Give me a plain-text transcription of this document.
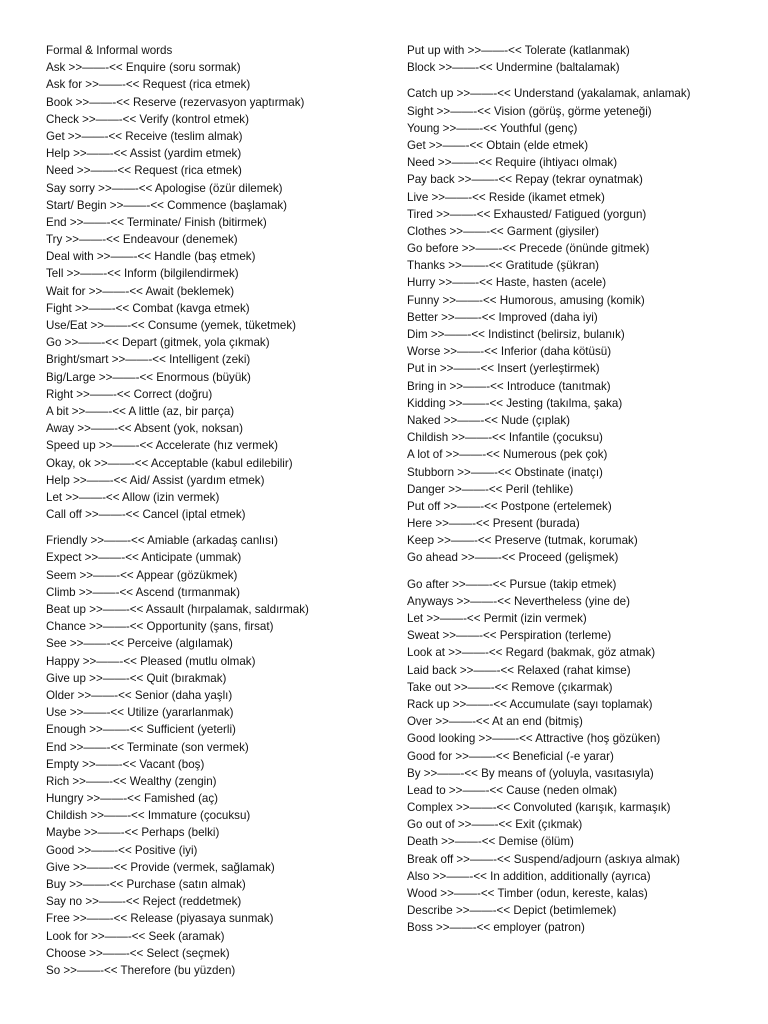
Formal & Informal words
Ask >>——-<< Enquire (soru sormak)
Ask for >>——-<< Request (rica etmek)
Book >>——-<< Reserve (rezervasyon yaptırmak)
Check >>——-<< Verify (kontrol etmek)
Get >>——-<< Receive (teslim almak)
Help >>——-<< Assist (yardim etmek)
Need >>——-<< Request (rica etmek)
Say sorry >>——-<< Apologise (özür dilemek)
Start/ Begin >>——-<< Commence (başlamak)
End >>——-<< Terminate/ Finish (bitirmek)
Try >>——-<< Endeavour (denemek)
Deal with >>——-<< Handle (baş etmek)
Tell >>——-<< Inform (bilgilendirmek)
Wait for >>——-<< Await (beklemek)
Fight >>——-<< Combat (kavga etmek)
Use/Eat >>——-<< Consume (yemek, tüketmek)
Go >>——-<< Depart (gitmek, yola çıkmak)
Bright/smart >>——-<< Intelligent (zeki)
Big/Large >>——-<< Enormous (büyük)
Right >>——-<< Correct (doğru)
A bit >>——-<< A little (az, bir parça)
Away >>——-<< Absent (yok, noksan)
Speed up >>——-<< Accelerate (hız vermek)
Okay, ok >>——-<< Acceptable (kabul edilebilir)
Help >>——-<< Aid/ Assist (yardım etmek)
Let >>——-<< Allow (izin vermek)
Call off >>——-<< Cancel (iptal etmek)
Friendly >>——-<< Amiable (arkadaş canlısı)
Expect >>——-<< Anticipate (ummak)
Seem >>——-<< Appear (gözükmek)
Climb >>——-<< Ascend (tırmanmak)
Beat up >>——-<< Assault (hırpalamak, saldırmak)
Chance >>——-<< Opportunity (şans, firsat)
See >>——-<< Perceive (algılamak)
Happy >>——-<< Pleased (mutlu olmak)
Give up >>——-<< Quit (bırakmak)
Older >>——-<< Senior (daha yaşlı)
Use >>——-<< Utilize (yararlanmak)
Enough >>——-<< Sufficient (yeterli)
End >>——-<< Terminate (son vermek)
Empty >>——-<< Vacant (boş)
Rich >>——-<< Wealthy (zengin)
Hungry >>——-<< Famished (aç)
Childish >>——-<< Immature (çocuksu)
Maybe >>——-<< Perhaps (belki)
Good >>——-<< Positive (iyi)
Give >>——-<< Provide (vermek, sağlamak)
Buy >>——-<< Purchase (satın almak)
Say no >>——-<< Reject (reddetmek)
Free >>——-<< Release (piyasaya sunmak)
Look for >>——-<< Seek (aramak)
Choose >>——-<< Select (seçmek)
So >>——-<< Therefore (bu yüzden)
Put up with >>——-<< Tolerate (katlanmak)
Block >>——-<< Undermine (baltalamak)
Catch up >>——-<< Understand (yakalamak, anlamak)
Sight >>——-<< Vision (görüş, görme yeteneği)
Young >>——-<< Youthful (genç)
Get >>——-<< Obtain (elde etmek)
Need >>——-<< Require (ihtiyacı olmak)
Pay back >>——-<< Repay (tekrar oynatmak)
Live >>——-<< Reside (ikamet etmek)
Tired >>——-<< Exhausted/ Fatigued (yorgun)
Clothes >>——-<< Garment (giysiler)
Go before >>——-<< Precede (önünde gitmek)
Thanks >>——-<< Gratitude (şükran)
Hurry >>——-<< Haste, hasten (acele)
Funny >>——-<< Humorous, amusing (komik)
Better >>——-<< Improved (daha iyi)
Dim >>——-<< Indistinct (belirsiz, bulanık)
Worse >>——-<< Inferior (daha kötüsü)
Put in >>——-<< Insert (yerleştirmek)
Bring in >>——-<< Introduce (tanıtmak)
Kidding >>——-<< Jesting (takılma, şaka)
Naked >>——-<< Nude (çıplak)
Childish >>——-<< Infantile (çocuksu)
A lot of >>——-<< Numerous (pek çok)
Stubborn >>——-<< Obstinate (inatçı)
Danger >>——-<< Peril (tehlike)
Put off >>——-<< Postpone (ertelemek)
Here >>——-<< Present (burada)
Keep >>——-<< Preserve (tutmak, korumak)
Go ahead >>——-<< Proceed (gelişmek)
Go after >>——-<< Pursue (takip etmek)
Anyways >>——-<< Nevertheless (yine de)
Let >>——-<< Permit (izin vermek)
Sweat >>——-<< Perspiration (terleme)
Look at >>——-<< Regard (bakmak, göz atmak)
Laid back >>——-<< Relaxed (rahat kimse)
Take out >>——-<< Remove (çıkarmak)
Rack up >>——-<< Accumulate (sayı toplamak)
Over >>——-<< At an end (bitmiş)
Good looking >>——-<< Attractive (hoş gözüken)
Good for >>——-<< Beneficial (-e yarar)
By >>——-<< By means of (yoluyla, vasıtasıyla)
Lead to >>——-<< Cause (neden olmak)
Complex >>——-<< Convoluted (karışık, karmaşık)
Go out of >>——-<< Exit (çıkmak)
Death >>——-<< Demise (ölüm)
Break off >>——-<< Suspend/adjourn (askıya almak)
Also >>——-<< In addition, additionally (ayrıca)
Wood >>——-<< Timber (odun, kereste, kalas)
Describe >>——-<< Depict (betimlemek)
Boss >>——-<< employer (patron)
